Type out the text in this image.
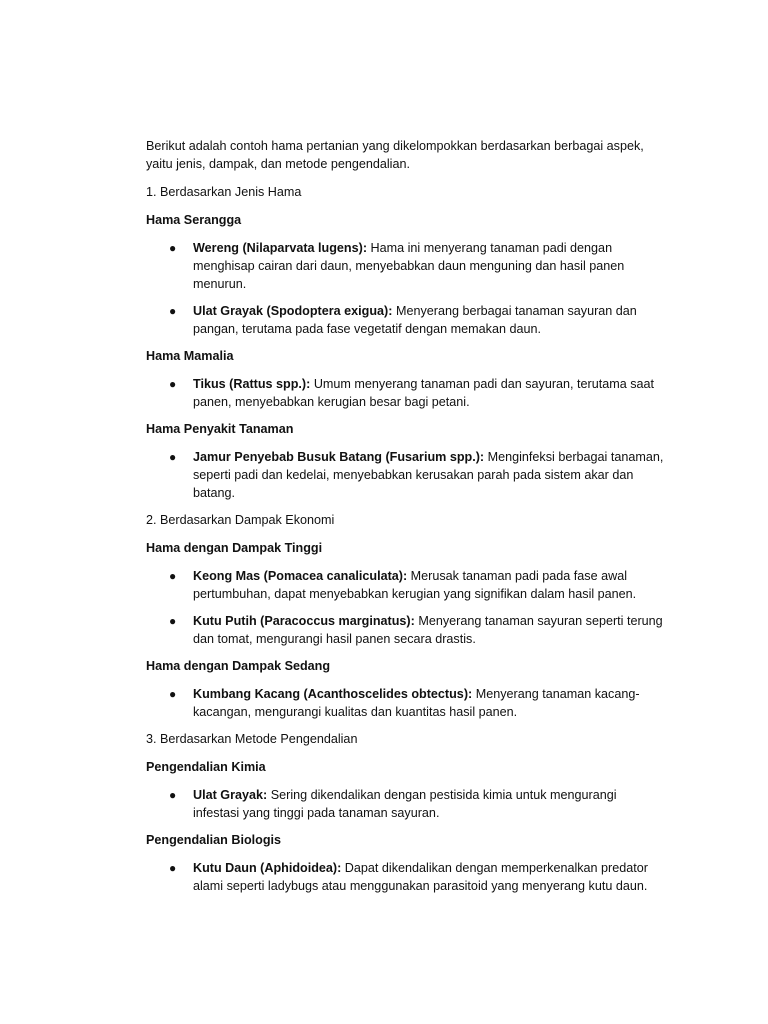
Berikut adalah contoh hama pertanian yang dikelompokkan berdasarkan berbagai aspek, yaitu jenis, dampak, dan metode pengendalian.

1. Berdasarkan Jenis Hama

Hama Serangga

● Wereng (Nilaparvata lugens): Hama ini menyerang tanaman padi dengan menghisap cairan dari daun, menyebabkan daun menguning dan hasil panen menurun.
● Ulat Grayak (Spodoptera exigua): Menyerang berbagai tanaman sayuran dan pangan, terutama pada fase vegetatif dengan memakan daun.

Hama Mamalia

● Tikus (Rattus spp.): Umum menyerang tanaman padi dan sayuran, terutama saat panen, menyebabkan kerugian besar bagi petani.

Hama Penyakit Tanaman

● Jamur Penyebab Busuk Batang (Fusarium spp.): Menginfeksi berbagai tanaman, seperti padi dan kedelai, menyebabkan kerusakan parah pada sistem akar dan batang.

2. Berdasarkan Dampak Ekonomi

Hama dengan Dampak Tinggi

● Keong Mas (Pomacea canaliculata): Merusak tanaman padi pada fase awal pertumbuhan, dapat menyebabkan kerugian yang signifikan dalam hasil panen.
● Kutu Putih (Paracoccus marginatus): Menyerang tanaman sayuran seperti terung dan tomat, mengurangi hasil panen secara drastis.

Hama dengan Dampak Sedang

● Kumbang Kacang (Acanthoscelides obtectus): Menyerang tanaman kacang-kacangan, mengurangi kualitas dan kuantitas hasil panen.

3. Berdasarkan Metode Pengendalian

Pengendalian Kimia

● Ulat Grayak: Sering dikendalikan dengan pestisida kimia untuk mengurangi infestasi yang tinggi pada tanaman sayuran.

Pengendalian Biologis

● Kutu Daun (Aphidoidea): Dapat dikendalikan dengan memperkenalkan predator alami seperti ladybugs atau menggunakan parasitoid yang menyerang kutu daun.
